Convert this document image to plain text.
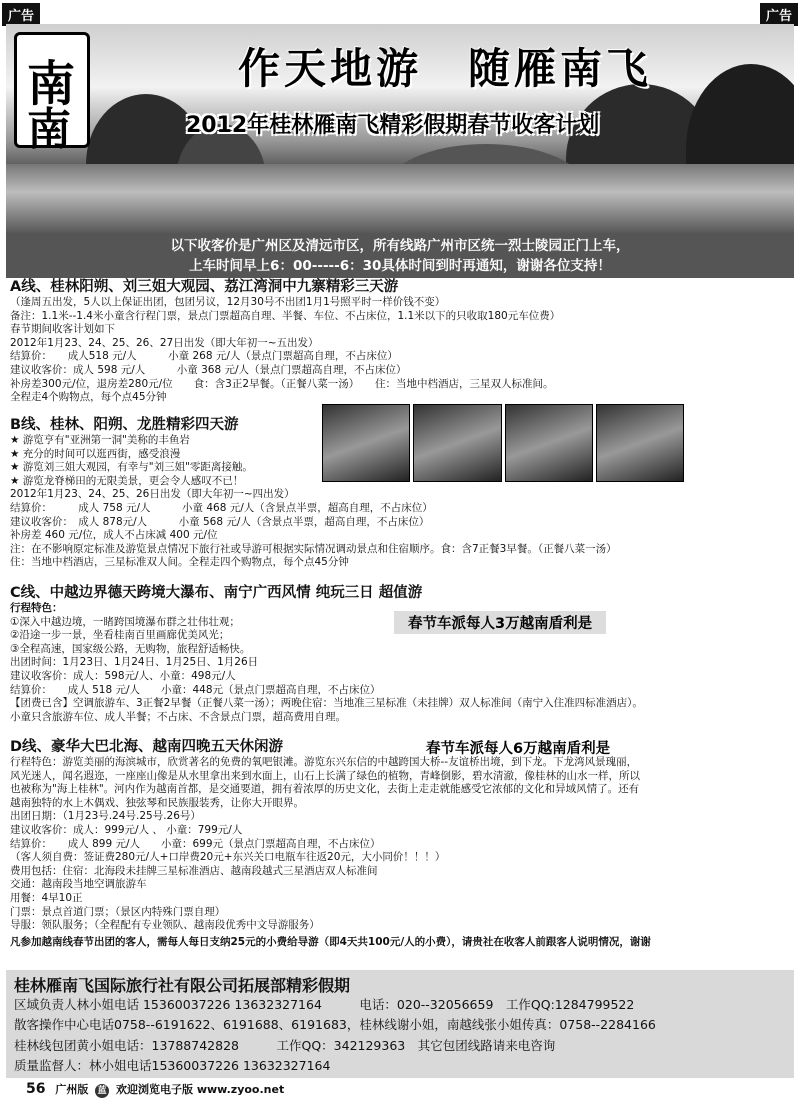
广告	广告
南
南
作天地游　随雁南飞
2012年桂林雁南飞精彩假期春节收客计划
以下收客价是广州区及清远市区，所有线路广州市区统一烈士陵园正门上车，
上车时间早上6：00-----6：30具体时间到时再通知，谢谢各位支持！
A线、桂林阳朔、刘三姐大观园、荔江湾洞中九寨精彩三天游
（逢周五出发，5人以上保证出团，包团另议，12月30号不出团1月1号照平时一样价钱不变）
备注：1.1米--1.4米小童含行程门票，景点门票超高自理、半餐、车位、不占床位，1.1米以下的只收取180元车位费）
春节期间收客计划如下
2012年1月23、24、25、26、27日出发（即大年初一~五出发）
结算价：　　成人518 元/人　　　小童 268 元/人（景点门票超高自理，不占床位）
建议收客价：成人 598 元/人　　　小童 368 元/人（景点门票超高自理，不占床位）
补房差300元/位，退房差280元/位　　食：含3正2早餐。（正餐八菜一汤）　　住：当地中档酒店，三星双人标准间。
全程走4个购物点，每个点45分钟
B线、桂林、阳朔、龙胜精彩四天游
★ 游览亨有"亚洲第一洞"美称的丰鱼岩
★ 充分的时间可以逛西街，感受浪漫
★ 游览刘三姐大观园，有幸与"刘三姐"零距离接触。
★ 游览龙脊梯田的无限美景，更会令人感叹不已！
2012年1月23、24、25、26日出发（即大年初一~四出发）
结算价：　　　成人 758 元/人　　　小童 468 元/人（含景点半票，超高自理，不占床位）
建议收客价：　成人 878元/人　　　小童 568 元/人（含景点半票，超高自理，不占床位）
补房差 460 元/位，成人不占床减 400 元/位
注：在不影响原定标准及游览景点情况下旅行社或导游可根据实际情况调动景点和住宿顺序。食：含7正餐3早餐。（正餐八菜一汤）
住：当地中档酒店，三星标准双人间。全程走四个购物点，每个点45分钟
C线、中越边界德天跨境大瀑布、南宁广西风情 纯玩三日 超值游
行程特色：
①深入中越边境，一睹跨国境瀑布群之壮伟壮观；
②沿途一步一景，坐看桂南百里画廊优美风光；
③全程高速，国家级公路，无购物，旅程舒适畅快。
出团时间：1月23日、1月24日、1月25日、1月26日
建议收客价：成人：598元/人、小童：498元/人
结算价：　　成人 518 元/人　　小童：448元（景点门票超高自理，不占床位）
【团费已含】空调旅游车、3正餐2早餐（正餐八菜一汤）；两晚住宿：当地准三星标准（未挂牌）双人标准间（南宁入住准四标准酒店）。
小童只含旅游车位、成人半餐；不占床、不含景点门票，超高费用自理。
春节车派每人3万越南盾利是
D线、豪华大巴北海、越南四晚五天休闲游
行程特色：游览美丽的海滨城市，欣赏著名的免费的氧吧银滩。游览东兴东信的中越跨国大桥--友谊桥出境，到下龙。下龙湾风景瑰丽，
风光迷人，闻名遐迩，一座座山像是从水里拿出来到水面上，山石上长满了绿色的植物，青峰倒影，碧水清澈，像桂林的山水一样，所以
也被称为"海上桂林"。河内作为越南首都，是交通要道，拥有着浓厚的历史文化，去街上走走就能感受它浓郁的文化和异域风情了。还有
越南独特的水上木偶戏、独弦琴和民族服装秀，让你大开眼界。
出团日期：（1月23号.24号.25号.26号）
建议收客价：成人：999元/人 、 小童：799元/人
结算价：　　成人 899 元/人　　小童：699元（景点门票超高自理，不占床位）
（客人须自费：签证费280元/人+口岸费20元+东兴关口电瓶车往返20元，大小同价！！！）
费用包括：住宿：北海段未挂牌三星标准酒店、越南段越式三星酒店双人标准间
交通：越南段当地空调旅游车
用餐：4早10正
门票：景点首道门票；（景区内特殊门票自理）
导服：领队服务；（全程配有专业领队、越南段优秀中文导游服务）
凡参加越南线春节出团的客人，需每人每日支纳25元的小费给导游（即4天共100元/人的小费），请贵社在收客人前跟客人说明情况，谢谢
春节车派每人6万越南盾利是
桂林雁南飞国际旅行社有限公司拓展部精彩假期
区域负责人林小姐电话 15360037226 13632327164　　　电话：020--32056659　工作QQ:1284799522
散客操作中心电话0758--6191622、6191688、6191683，桂林线谢小姐，南越线张小姐传真：0758--2284166
桂林线包团黄小姐电话：13788742828　　　工作QQ：342129363　其它包团线路请来电咨询
质量监督人：林小姐电话15360037226 13632327164
56 广州版 蓝 欢迎浏览电子版 www.zyoo.net
